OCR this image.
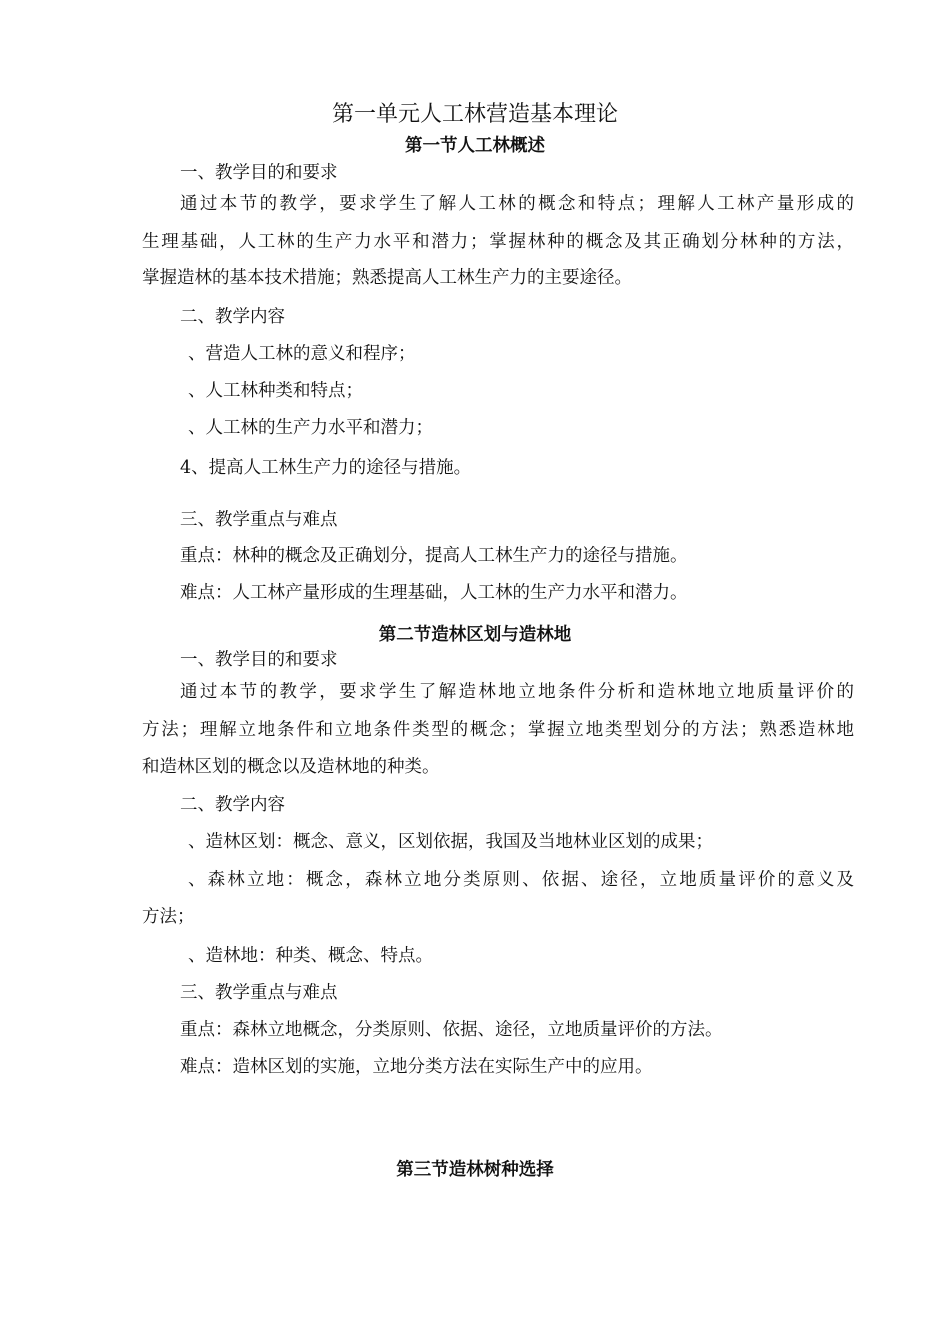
第一单元人工林营造基本理论
第一节人工林概述
一、教学目的和要求
通过本节的教学，要求学生了解人工林的概念和特点；理解人工林产量形成的
生理基础，人工林的生产力水平和潜力；掌握林种的概念及其正确划分林种的方法，
掌握造林的基本技术措施；熟悉提高人工林生产力的主要途径。
二、教学内容
、营造人工林的意义和程序；
、人工林种类和特点；
、人工林的生产力水平和潜力；
4、提高人工林生产力的途径与措施。
三、教学重点与难点
重点：林种的概念及正确划分，提高人工林生产力的途径与措施。
难点：人工林产量形成的生理基础，人工林的生产力水平和潜力。
第二节造林区划与造林地
一、教学目的和要求
通过本节的教学，要求学生了解造林地立地条件分析和造林地立地质量评价的
方法；理解立地条件和立地条件类型的概念；掌握立地类型划分的方法；熟悉造林地
和造林区划的概念以及造林地的种类。
二、教学内容
、造林区划：概念、意义，区划依据，我国及当地林业区划的成果；
、森林立地：概念，森林立地分类原则、依据、途径，立地质量评价的意义及
方法；
、造林地：种类、概念、特点。
三、教学重点与难点
重点：森林立地概念，分类原则、依据、途径，立地质量评价的方法。
难点：造林区划的实施，立地分类方法在实际生产中的应用。
第三节造林树种选择
